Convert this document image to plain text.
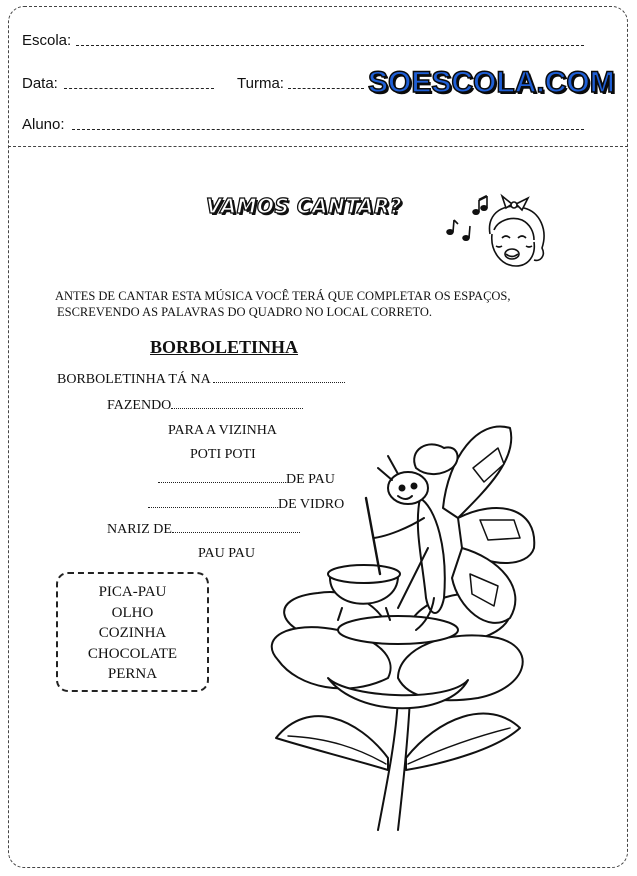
Escola:
Data:	Turma:	SOESCOLA.COM
Aluno:
VAMOS CANTAR?
ANTES DE CANTAR ESTA MÚSICA VOCÊ TERÁ QUE COMPLETAR OS ESPAÇOS,
ESCREVENDO AS PALAVRAS DO QUADRO NO LOCAL CORRETO.
BORBOLETINHA
BORBOLETINHA TÁ NA
FAZENDO
PARA A VIZINHA
POTI POTI
DE PAU
DE VIDRO
NARIZ DE
PAU PAU
PICA-PAU
OLHO
COZINHA
CHOCOLATE
PERNA
